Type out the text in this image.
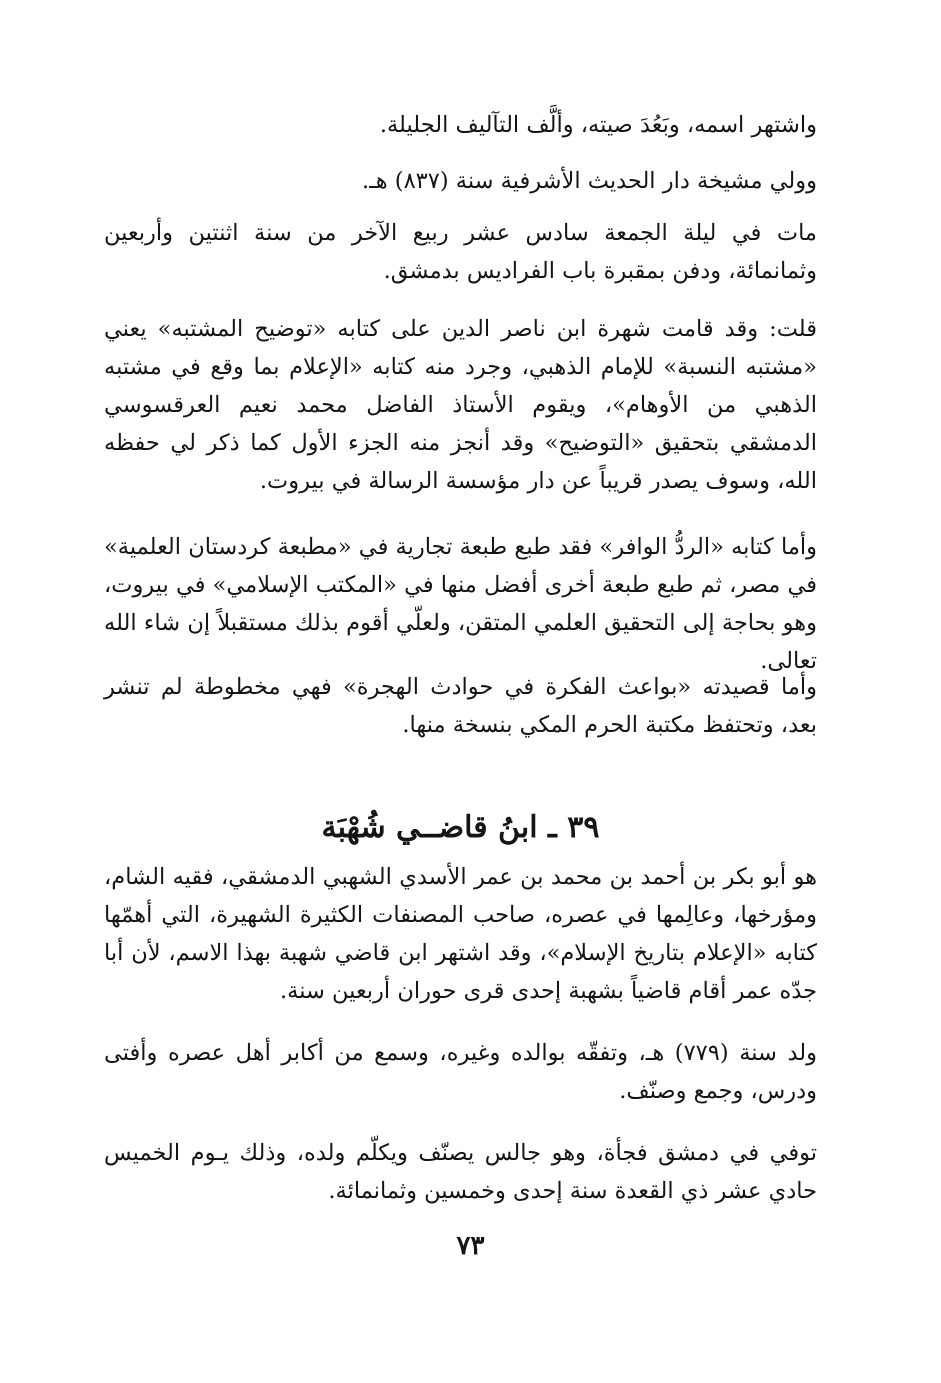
واشتهر اسمه، وبَعُدَ صيته، وألَّف التآليف الجليلة.
وولي مشيخة دار الحديث الأشرفية سنة (٨٣٧) هـ.
مات في ليلة الجمعة سادس عشر ربيع الآخر من سنة اثنتين وأربعين وثمانمائة، ودفن بمقبرة باب الفراديس بدمشق.
قلت: وقد قامت شهرة ابن ناصر الدين على كتابه «توضيح المشتبه» يعني «مشتبه النسبة» للإمام الذهبي، وجرد منه كتابه «الإعلام بما وقع في مشتبه الذهبي من الأوهام»، ويقوم الأستاذ الفاضل محمد نعيم العرقسوسي الدمشقي بتحقيق «التوضيح» وقد أنجز منه الجزء الأول كما ذكر لي حفظه الله، وسوف يصدر قريباً عن دار مؤسسة الرسالة في بيروت.
وأما كتابه «الردُّ الوافر» فقد طبع طبعة تجارية في «مطبعة كردستان العلمية» في مصر، ثم طبع طبعة أخرى أفضل منها في «المكتب الإسلامي» في بيروت، وهو بحاجة إلى التحقيق العلمي المتقن، ولعلّي أقوم بذلك مستقبلاً إن شاء الله تعالى.
وأما قصيدته «بواعث الفكرة في حوادث الهجرة» فهي مخطوطة لم تنشر بعد، وتحتفظ مكتبة الحرم المكي بنسخة منها.
٣٩ ـ ابنُ قاضــي شُهْبَة
هو أبو بكر بن أحمد بن محمد بن عمر الأسدي الشهبي الدمشقي، فقيه الشام، ومؤرخها، وعالِمها في عصره، صاحب المصنفات الكثيرة الشهيرة، التي أهمّها كتابه «الإعلام بتاريخ الإسلام»، وقد اشتهر ابن قاضي شهبة بهذا الاسم، لأن أبا جدّه عمر أقام قاضياً بشهبة إحدى قرى حوران أربعين سنة.
ولد سنة (٧٧٩) هـ، وتفقّه بوالده وغيره، وسمع من أكابر أهل عصره وأفتى ودرس، وجمع وصنّف.
توفي في دمشق فجأة، وهو جالس يصنّف ويكلّم ولده، وذلك يـوم الخميس حادي عشر ذي القعدة سنة إحدى وخمسين وثمانمائة.
٧٣
